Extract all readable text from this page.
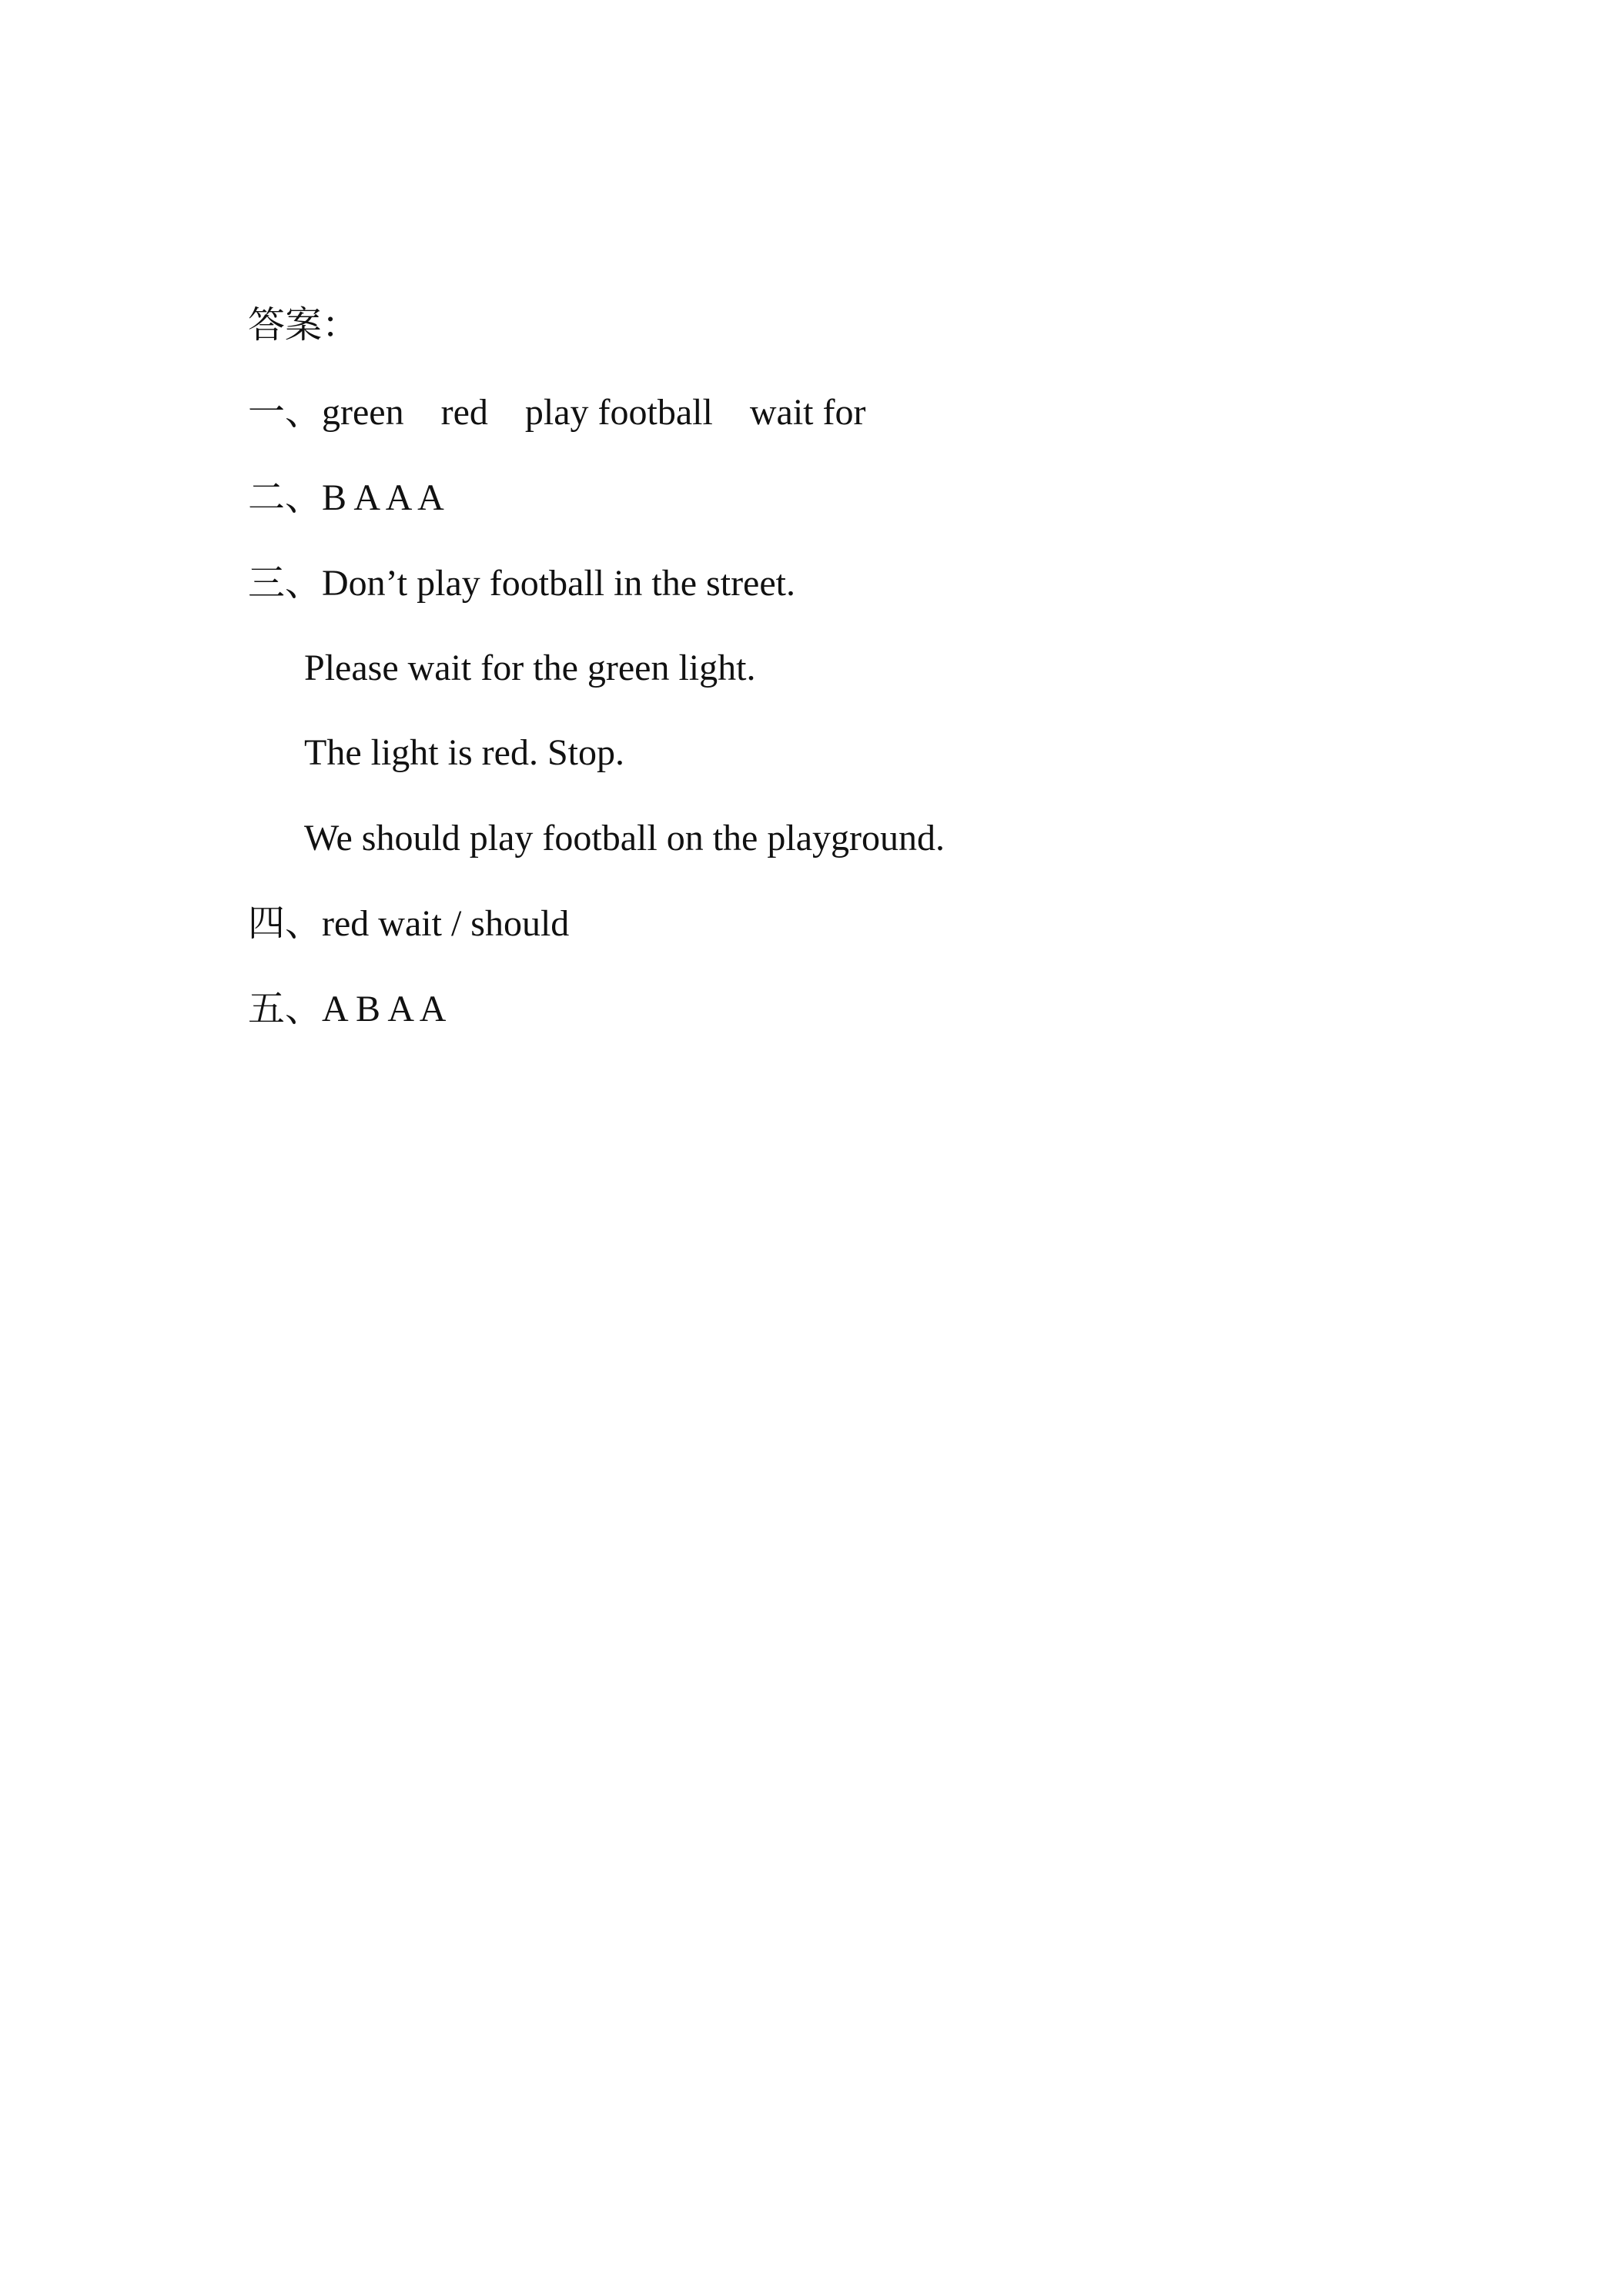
答案：
一、green red play football wait for
二、B A A A
三、Don’t play football in the street.
Please wait for the green light.
The light is red. Stop.
We should play football on the playground.
四、red wait / should
五、A B A A
